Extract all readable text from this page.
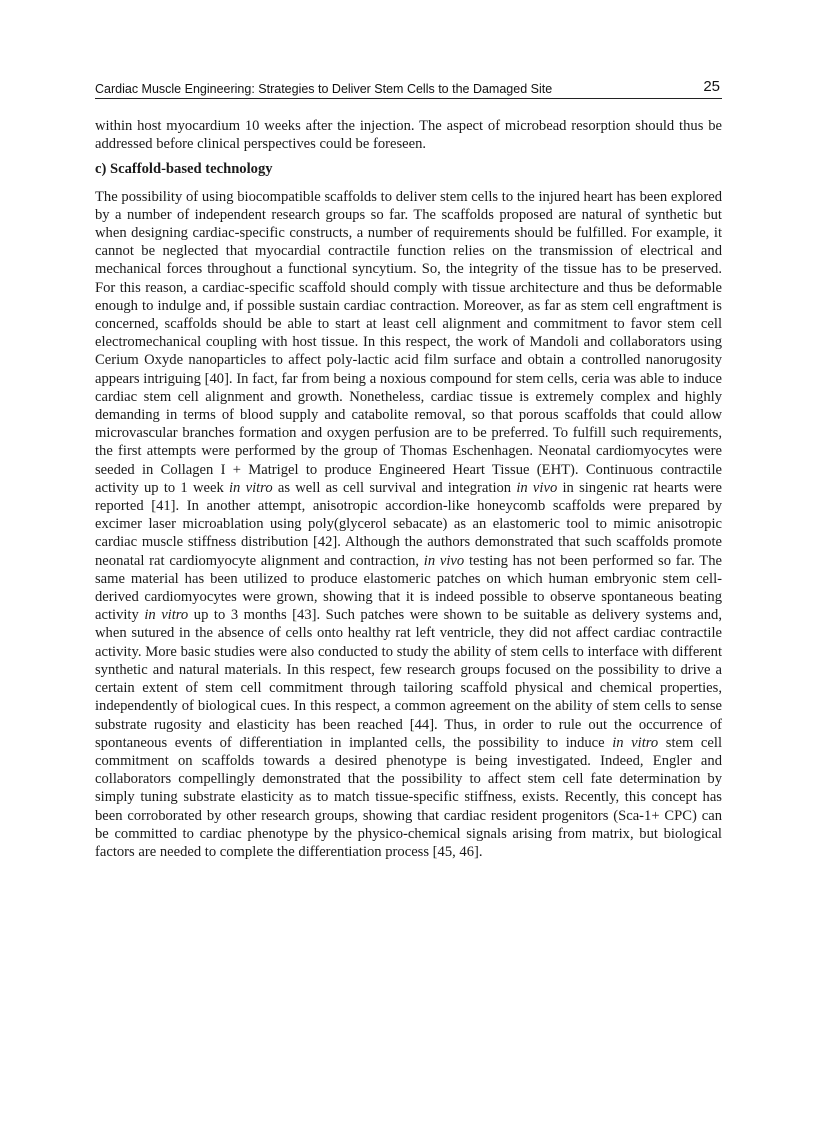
Cardiac Muscle Engineering: Strategies to Deliver Stem Cells to the Damaged Site	25

within host myocardium 10 weeks after the injection. The aspect of microbead resorption should thus be addressed before clinical perspectives could be foreseen.

c) Scaffold-based technology

The possibility of using biocompatible scaffolds to deliver stem cells to the injured heart has been explored by a number of independent research groups so far. The scaffolds proposed are natural of synthetic but when designing cardiac-specific constructs, a number of requirements should be fulfilled. For example, it cannot be neglected that myocardial contractile function relies on the transmission of electrical and mechanical forces throughout a functional syncytium. So, the integrity of the tissue has to be preserved. For this reason, a cardiac-specific scaffold should comply with tissue architecture and thus be deformable enough to indulge and, if possible sustain cardiac contraction. Moreover, as far as stem cell engraftment is concerned, scaffolds should be able to start at least cell alignment and commitment to favor stem cell electromechanical coupling with host tissue. In this respect, the work of Mandoli and collaborators using Cerium Oxyde nanoparticles to affect poly-lactic acid film surface and obtain a controlled nanorugosity appears intriguing [40]. In fact, far from being a noxious compound for stem cells, ceria was able to induce cardiac stem cell alignment and growth. Nonetheless, cardiac tissue is extremely complex and highly demanding in terms of blood supply and catabolite removal, so that porous scaffolds that could allow microvascular branches formation and oxygen perfusion are to be preferred. To fulfill such requirements, the first attempts were performed by the group of Thomas Eschenhagen. Neonatal cardiomyocytes were seeded in Collagen I + Matrigel to produce Engineered Heart Tissue (EHT). Continuous contractile activity up to 1 week in vitro as well as cell survival and integration in vivo in singenic rat hearts were reported [41]. In another attempt, anisotropic accordion-like honeycomb scaffolds were prepared by excimer laser microablation using poly(glycerol sebacate) as an elastomeric tool to mimic anisotropic cardiac muscle stiffness distribution [42]. Although the authors demonstrated that such scaffolds promote neonatal rat cardiomyocyte alignment and contraction, in vivo testing has not been performed so far. The same material has been utilized to produce elastomeric patches on which human embryonic stem cell-derived cardiomyocytes were grown, showing that it is indeed possible to observe spontaneous beating activity in vitro up to 3 months [43]. Such patches were shown to be suitable as delivery systems and, when sutured in the absence of cells onto healthy rat left ventricle, they did not affect cardiac contractile activity. More basic studies were also conducted to study the ability of stem cells to interface with different synthetic and natural materials. In this respect, few research groups focused on the possibility to drive a certain extent of stem cell commitment through tailoring scaffold physical and chemical properties, independently of biological cues. In this respect, a common agreement on the ability of stem cells to sense substrate rugosity and elasticity has been reached [44]. Thus, in order to rule out the occurrence of spontaneous events of differentiation in implanted cells, the possibility to induce in vitro stem cell commitment on scaffolds towards a desired phenotype is being investigated. Indeed, Engler and collaborators compellingly demonstrated that the possibility to affect stem cell fate determination by simply tuning substrate elasticity as to match tissue-specific stiffness, exists. Recently, this concept has been corroborated by other research groups, showing that cardiac resident progenitors (Sca-1+ CPC) can be committed to cardiac phenotype by the physico-chemical signals arising from matrix, but biological factors are needed to complete the differentiation process [45, 46].
